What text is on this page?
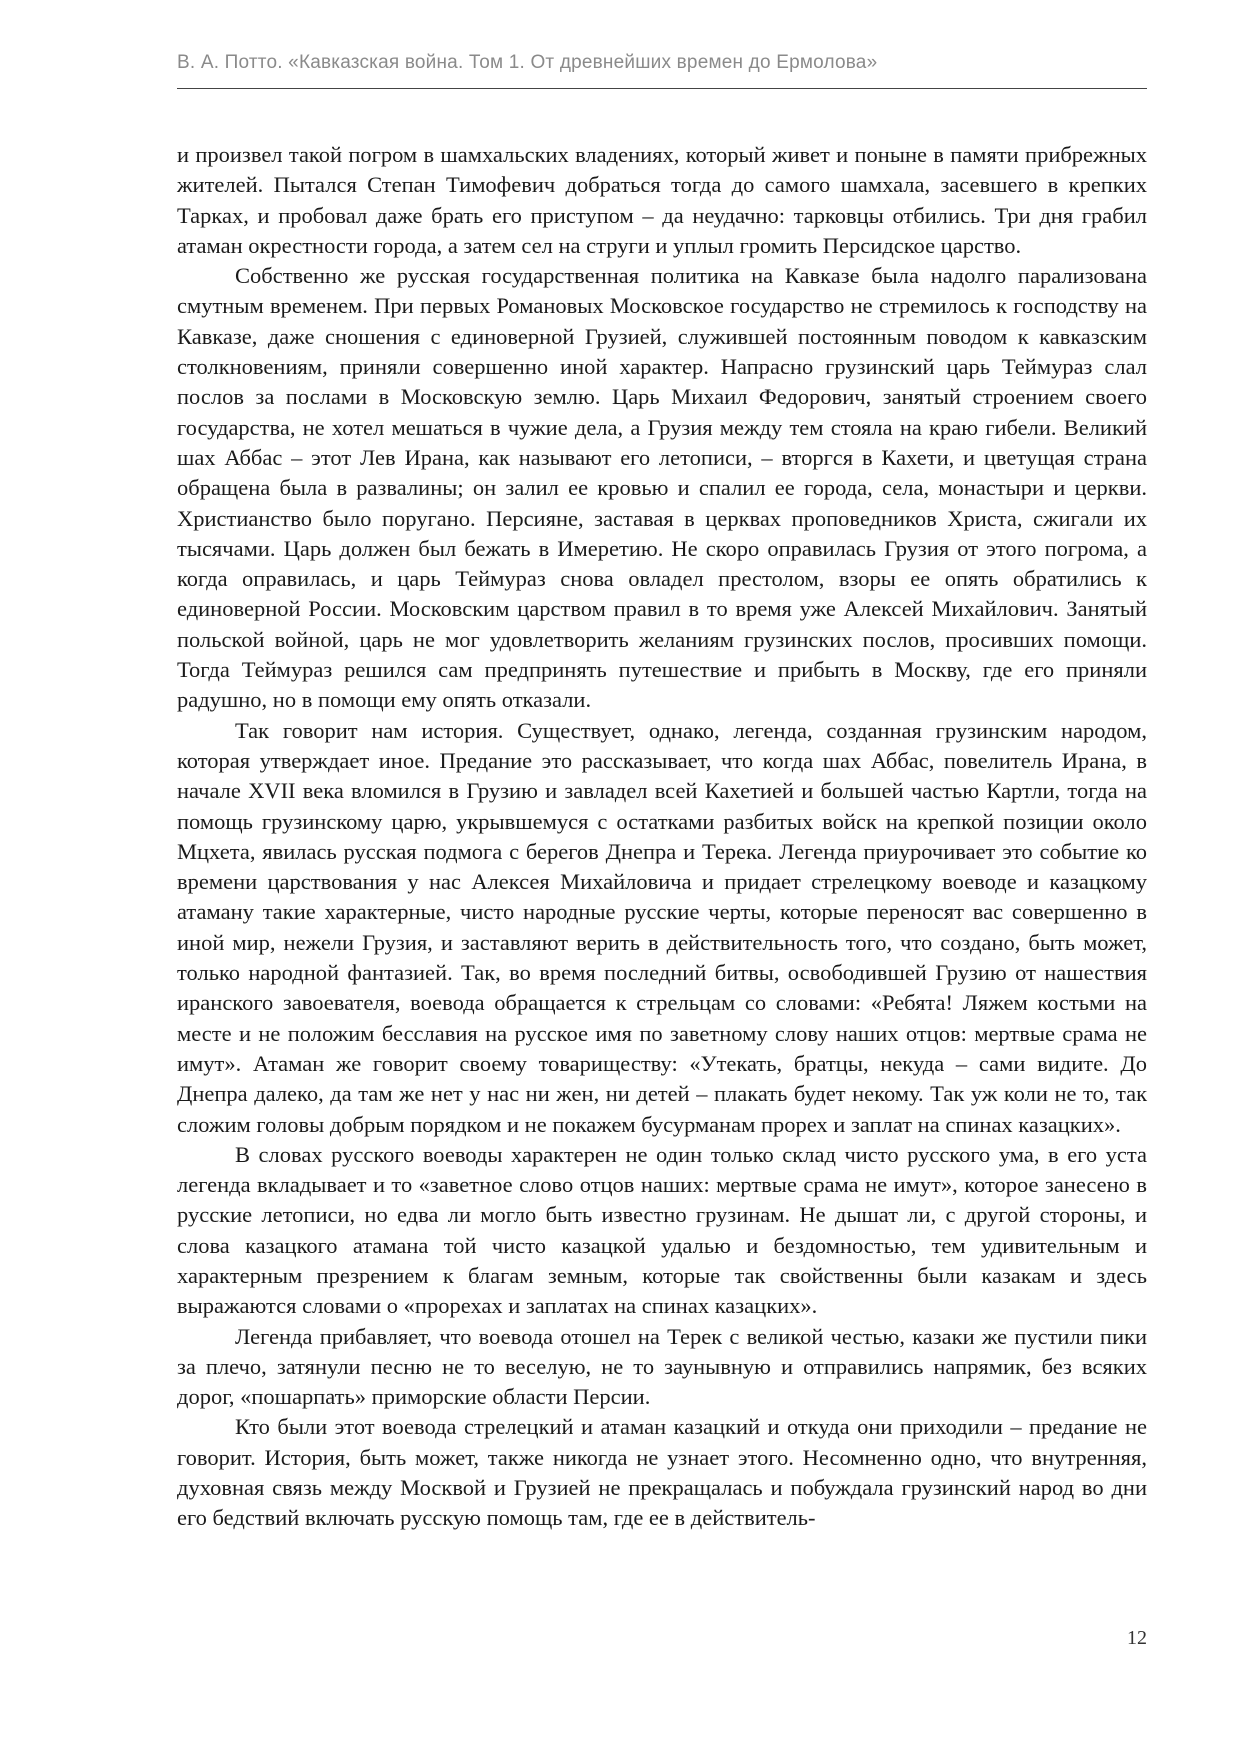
В. А. Потто. «Кавказская война. Том 1. От древнейших времен до Ермолова»

и произвел такой погром в шамхальских владениях, который живет и поныне в памяти прибрежных жителей. Пытался Степан Тимофевич добраться тогда до самого шамхала, засевшего в крепких Тарках, и пробовал даже брать его приступом – да неудачно: тарковцы отбились. Три дня грабил атаман окрестности города, а затем сел на струги и уплыл громить Персидское царство.

Собственно же русская государственная политика на Кавказе была надолго парализована смутным временем. При первых Романовых Московское государство не стремилось к господству на Кавказе, даже сношения с единоверной Грузией, служившей постоянным поводом к кавказским столкновениям, приняли совершенно иной характер. Напрасно грузинский царь Теймураз слал послов за послами в Московскую землю. Царь Михаил Федорович, занятый строением своего государства, не хотел мешаться в чужие дела, а Грузия между тем стояла на краю гибели. Великий шах Аббас – этот Лев Ирана, как называют его летописи, – вторгся в Кахети, и цветущая страна обращена была в развалины; он залил ее кровью и спалил ее города, села, монастыри и церкви. Христианство было поругано. Персияне, заставая в церквах проповедников Христа, сжигали их тысячами. Царь должен был бежать в Имеретию. Не скоро оправилась Грузия от этого погрома, а когда оправилась, и царь Теймураз снова овладел престолом, взоры ее опять обратились к единоверной России. Московским царством правил в то время уже Алексей Михайлович. Занятый польской войной, царь не мог удовлетворить желаниям грузинских послов, просивших помощи. Тогда Теймураз решился сам предпринять путешествие и прибыть в Москву, где его приняли радушно, но в помощи ему опять отказали.

Так говорит нам история. Существует, однако, легенда, созданная грузинским народом, которая утверждает иное. Предание это рассказывает, что когда шах Аббас, повелитель Ирана, в начале XVII века вломился в Грузию и завладел всей Кахетией и большей частью Картли, тогда на помощь грузинскому царю, укрывшемуся с остатками разбитых войск на крепкой позиции около Мцхета, явилась русская подмога с берегов Днепра и Терека. Легенда приурочивает это событие ко времени царствования у нас Алексея Михайловича и придает стрелецкому воеводе и казацкому атаману такие характерные, чисто народные русские черты, которые переносят вас совершенно в иной мир, нежели Грузия, и заставляют верить в действительность того, что создано, быть может, только народной фантазией. Так, во время последний битвы, освободившей Грузию от нашествия иранского завоевателя, воевода обращается к стрельцам со словами: «Ребята! Ляжем костьми на месте и не положим бесславия на русское имя по заветному слову наших отцов: мертвые срама не имут». Атаман же говорит своему товариществу: «Утекать, братцы, некуда – сами видите. До Днепра далеко, да там же нет у нас ни жен, ни детей – плакать будет некому. Так уж коли не то, так сложим головы добрым порядком и не покажем бусурманам прорех и заплат на спинах казацких».

В словах русского воеводы характерен не один только склад чисто русского ума, в его уста легенда вкладывает и то «заветное слово отцов наших: мертвые срама не имут», которое занесено в русские летописи, но едва ли могло быть известно грузинам. Не дышат ли, с другой стороны, и слова казацкого атамана той чисто казацкой удалью и бездомностью, тем удивительным и характерным презрением к благам земным, которые так свойственны были казакам и здесь выражаются словами о «прорехах и заплатах на спинах казацких».

Легенда прибавляет, что воевода отошел на Терек с великой честью, казаки же пустили пики за плечо, затянули песню не то веселую, не то заунывную и отправились напрямик, без всяких дорог, «пошарпать» приморские области Персии.

Кто были этот воевода стрелецкий и атаман казацкий и откуда они приходили – предание не говорит. История, быть может, также никогда не узнает этого. Несомненно одно, что внутренняя, духовная связь между Москвой и Грузией не прекращалась и побуждала грузинский народ во дни его бедствий включать русскую помощь там, где ее в действитель-

12
